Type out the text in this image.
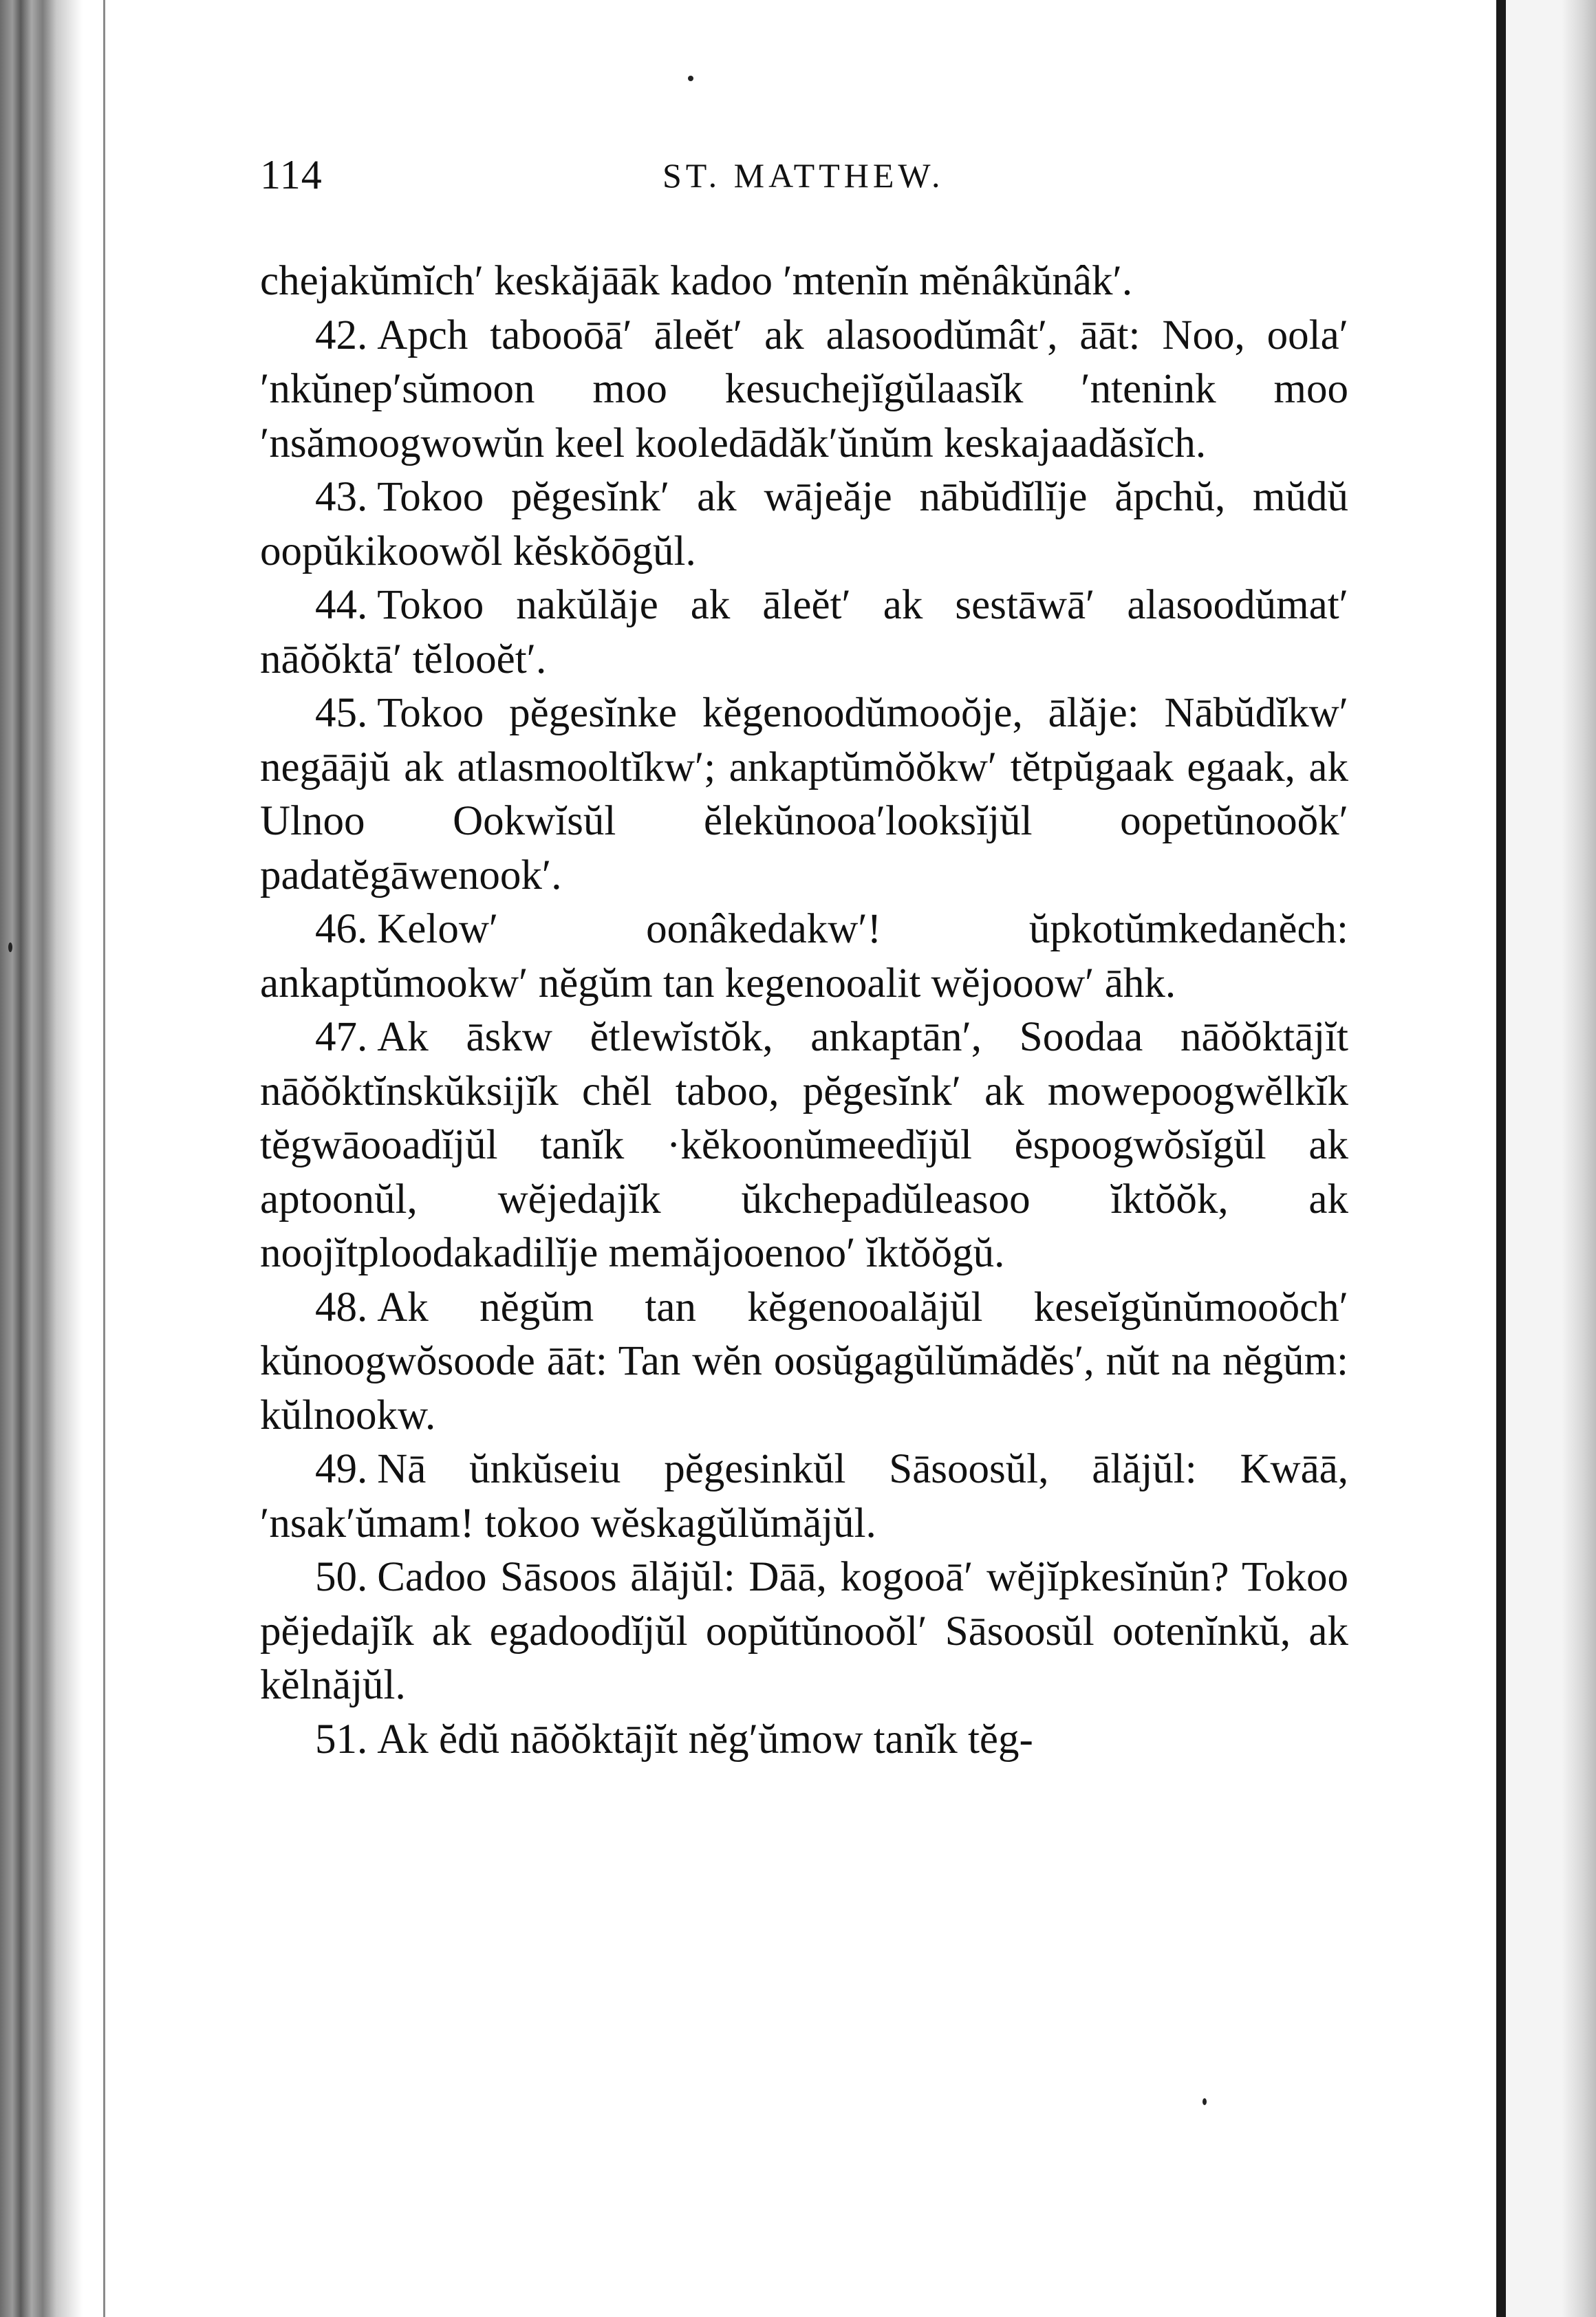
114	ST. MATTHEW.

chejakŭmĭch′ keskăjāāk kadoo ′mtenĭn mĕnâkŭnâk′.

42. Apch tabooōā′ āleĕt′ ak alasoodŭmât′, āāt: Noo, oola′ ′nkŭnep′sŭmoon moo kesuchejĭgŭlaasĭk ′ntenink moo ′nsămoogwowŭn keel kooledādăk′ŭnŭm keskajaadăsĭch.

43. Tokoo pĕgesĭnk′ ak wājeăje nābŭdĭlĭje ăpchŭ, mŭdŭ oopŭkikoowŏl kĕskŏōgŭl.

44. Tokoo nakŭlăje ak āleĕt′ ak sestāwā′ alasoodŭmat′ nāŏŏktā′ tĕlooĕt′.

45. Tokoo pĕgesĭnke kĕgenoodŭmooŏje, ālăje: Nābŭdĭkw′ negāājŭ ak atlasmooltĭkw′; ankaptŭmŏŏkw′ tĕtpŭgaak egaak, ak Ulnoo Ookwĭsŭl ĕlekŭnooa′looksĭjŭl oopetŭnooŏk′ padatĕgāwenook′.

46. Kelow′ oonâkedakw′! ŭpkotŭmkedanĕch: ankaptŭmookw′ nĕgŭm tan kegenooalit wĕjooow′ āhk.

47. Ak āskw ĕtlewĭstŏk, ankaptān′, Soodaa nāŏŏktājĭt nāŏŏktĭnskŭksijĭk chĕl taboo, pĕgesĭnk′ ak mowepoogwĕlkĭk tĕgwāooadĭjŭl tanĭk ·kĕkoonŭmeedĭjŭl ĕspoogwŏsĭgŭl ak aptoonŭl, wĕjedajĭk ŭkchepadŭleasoo ĭktŏŏk, ak noojĭtploodakadilĭje memăjooenoo′ ĭktŏŏgŭ.

48. Ak nĕgŭm tan kĕgenooalăjŭl keseĭgŭnŭmooŏch′ kŭnoogwŏsoode āāt: Tan wĕn oosŭgagŭlŭmădĕs′, nŭt na nĕgŭm: kŭlnookw.

49. Nā ŭnkŭseiu pĕgesinkŭl Sāsoosŭl, ālăjŭl: Kwāā, ′nsak′ŭmam! tokoo wĕskagŭlŭmăjŭl.

50. Cadoo Sāsoos ālăjŭl: Dāā, kogooā′ wĕjĭpkesĭnŭn? Tokoo pĕjedajĭk ak egadoodĭjŭl oopŭtŭnooŏl′ Sāsoosŭl ootenĭnkŭ, ak kĕlnăjŭl.

51. Ak ĕdŭ nāŏŏktājĭt nĕg′ŭmow tanĭk tĕg-
